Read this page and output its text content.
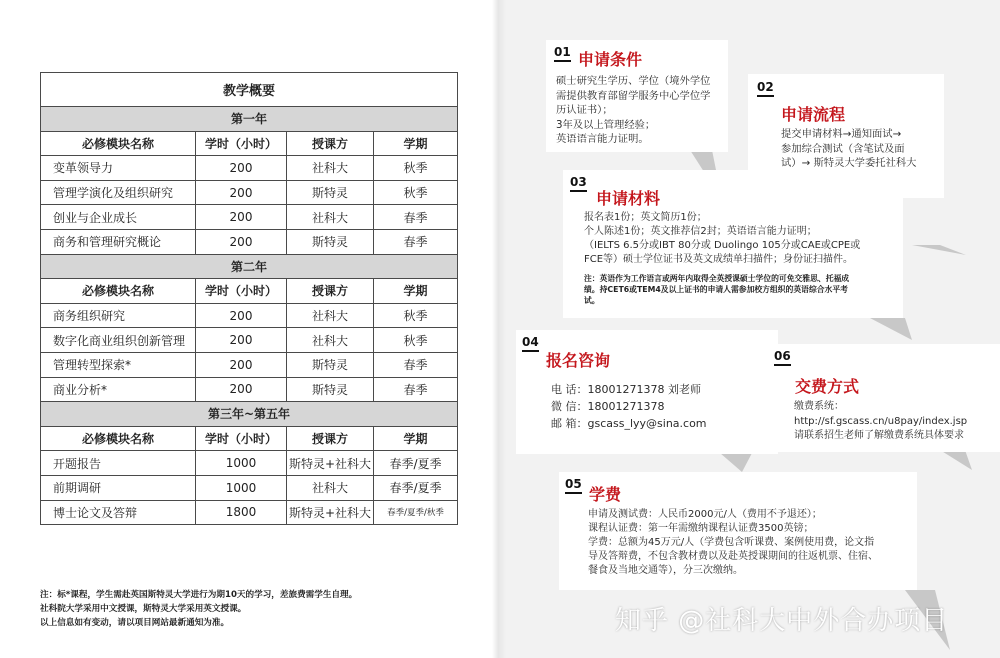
教学概要			
第一年			
必修模块名称	学时（小时）	授课方	学期
变革领导力	200	社科大	秋季
管理学演化及组织研究	200	斯特灵	秋季
创业与企业成长	200	社科大	春季
商务和管理研究概论	200	斯特灵	春季
第二年			
必修模块名称	学时（小时）	授课方	学期
商务组织研究	200	社科大	秋季
数字化商业组织创新管理	200	社科大	秋季
管理转型探索*	200	斯特灵	春季
商业分析*	200	斯特灵	春季
第三年~第五年			
必修模块名称	学时（小时）	授课方	学期
开题报告	1000	斯特灵+社科大	春季/夏季
前期调研	1000	社科大	春季/夏季
博士论文及答辩	1800	斯特灵+社科大	春季/夏季/秋季
注：标*课程，学生需赴英国斯特灵大学进行为期10天的学习，差旅费需学生自理。
社科院大学采用中文授课，斯特灵大学采用英文授课。
以上信息如有变动，请以项目网站最新通知为准。
01 申请条件
硕士研究生学历、学位（境外学位
需提供教育部留学服务中心学位学
历认证书）；
3年及以上管理经验；
英语语言能力证明。
02
申请流程
提交申请材料→通知面试→
参加综合测试（含笔试及面
试）→ 斯特灵大学委托社科大
03
申请材料
报名表1份；英文简历1份；
个人陈述1份；英文推荐信2封；英语语言能力证明；
（IELTS 6.5分或IBT 80分或 Duolingo 105分或CAE或CPE或
FCE等）硕士学位证书及英文成绩单扫描件；身份证扫描件。
注：英语作为工作语言或两年内取得全英授课硕士学位的可免交雅思、托福成
绩。持CET6或TEM4及以上证书的申请人需参加校方组织的英语综合水平考
试。
04
报名咨询
电 话：18001271378 刘老师
微 信：18001271378
邮 箱：gscass_lyy@sina.com
06
交费方式
缴费系统：
http://sf.gscass.cn/u8pay/index.jsp
请联系招生老师了解缴费系统具体要求
05
学费
申请及测试费：人民币2000元/人（费用不予退还）；
课程认证费：第一年需缴纳课程认证费3500英镑；
学费：总额为45万元/人（学费包含听课费、案例使用费，论文指
导及答辩费，不包含教材费以及赴英授课期间的往返机票、住宿、
餐食及当地交通等），分三次缴纳。
知乎 @社科大中外合办项目
